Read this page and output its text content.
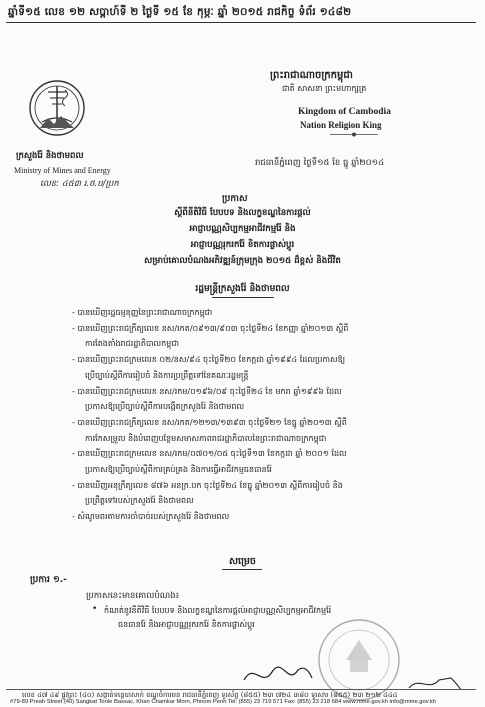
ឆ្នាំទី១៥ លេខ ១២ សប្តាហ៍ទី ២ ថ្ងៃទី ១៥ ខែ កុម្ភៈ ឆ្នាំ ២០១៥ រាជកិច្ច ទំព័រ ១៤៨២
ក្រសួងរ៉ែ និងថាមពល
Ministry of Mines and Energy
លេខ: ៤៥៣ រ.ថ.ប/ប្រក
ព្រះរាជាណាចក្រកម្ពុជា
ជាតិ សាសនា ព្រះមហាក្សត្រ
Kingdom of Cambodia
Nation Religion King
រាជធានីភ្នំពេញ ថ្ងៃទី១៥ ខែ ធ្នូ ឆ្នាំ២០១៤
ប្រកាស
ស្តីពីនីតិវិធី បែបបទ និងលក្ខខណ្ឌនៃការផ្តល់
អាជ្ញាបណ្ណសិប្បកម្មអាជីវកម្មរ៉ែ និង
អាជ្ញាបណ្ណរុករករ៉ែ ខិតការផ្លាស់ប្តូរ
សម្រាប់គោលបំណងអភិវឌ្ឍន៍ក្រុមក្រុង ២០១៥ ដ៏ខ្ពស់ និងជីវិត
រដ្ឋមន្ត្រីក្រសួងរ៉ែ និងថាមពល
- បានឃើញរដ្ឋធម្មនុញ្ញនៃព្រះរាជាណាចក្រកម្ពុជា
- បានឃើញព្រះរាជក្រឹត្យលេខ នស/រកត/០៩១៣/៩០៣ ចុះថ្ងៃទី២៤ ខែកញ្ញា ឆ្នាំ២០១៣ ស្តីពី
ការតែងតាំងរាជរដ្ឋាភិបាលកម្ពុជា
- បានឃើញព្រះរាជក្រមលេខ ០២/នស/៩៤ ចុះថ្ងៃទី២០ ខែកក្កដា ឆ្នាំ១៩៩៤ ដែលប្រកាសឱ្យ
ប្រើច្បាប់ស្តីពីការរៀបចំ និងការប្រព្រឹត្តទៅនៃគណៈរដ្ឋមន្ត្រី
- បានឃើញព្រះរាជក្រមលេខ នស/រកម/០១៩៦/០៩ ចុះថ្ងៃទី២៤ ខែ មករា ឆ្នាំ១៩៩៦ ដែល
ប្រកាសឱ្យប្រើច្បាប់ស្តីពីការបង្កើតក្រសួងរ៉ែ និងថាមពល
- បានឃើញព្រះរាជក្រឹត្យលេខ នស/រកត/១២១៣/១៣៩៣ ចុះថ្ងៃទី២១ ខែធ្នូ ឆ្នាំ២០១៣ ស្តីពី
ការកែសម្រួល និងបំពេញបន្ថែមសមាសភាពរាជរដ្ឋាភិបាលនៃព្រះរាជាណាចក្រកម្ពុជា
- បានឃើញព្រះរាជក្រមលេខ នស/រកម/០៧០១/០៥ ចុះថ្ងៃទី១៣ ខែកក្កដា ឆ្នាំ ២០០១ ដែល
ប្រកាសឱ្យប្រើច្បាប់ស្តីពីការគ្រប់គ្រង និងការធ្វើអាជីវកម្មធនធានរ៉ែ
- បានឃើញអនុក្រឹត្យលេខ ៨៧៦ អនក្រ.បក ចុះថ្ងៃទី២៤ ខែធ្នូ ឆ្នាំ២០១៣ ស្តីពីការរៀបចំ និង
ប្រព្រឹត្តទៅរបស់ក្រសួងរ៉ែ និងថាមពល
- សំណូមពរតាមការចាំបាច់របស់ក្រសួងរ៉ែ និងថាមពល
សម្រេច
ប្រការ ១.-
ប្រកាសនេះមានគោលបំណង៖
• កំណត់នូវនីតិវិធី បែបបទ និងលក្ខខណ្ឌនៃការផ្តល់អាជ្ញាបណ្ណសិប្បកម្មអាជីវកម្មរ៉ែ
ធនធានរ៉ែ និងអាជ្ញាបណ្ណរុករករ៉ែ ខិតការផ្លាស់ប្តូរ
លេខ ៤៧ ៤៩ ផ្លូវព្រះ (៤០) សង្កាត់ទន្លេបាសាក់ ខណ្ឌចំការមន រាជធានីភ្នំពេញ ទូរស័ព្ទ (៨៥៥) ២៣ ៧២៤ ៣៨០ ទូរសារ (៨៥៥) ២៣ ២១២ ៤៤៤
#79-89 Preah Street (40) Sangkat Tonle Bassac, Khan Chamkar Morn, Phnom Penh Tel: (855) 23 719 571 Fax: (855) 23 218 684 www.mme.gov.kh info@mme.gov.kh
